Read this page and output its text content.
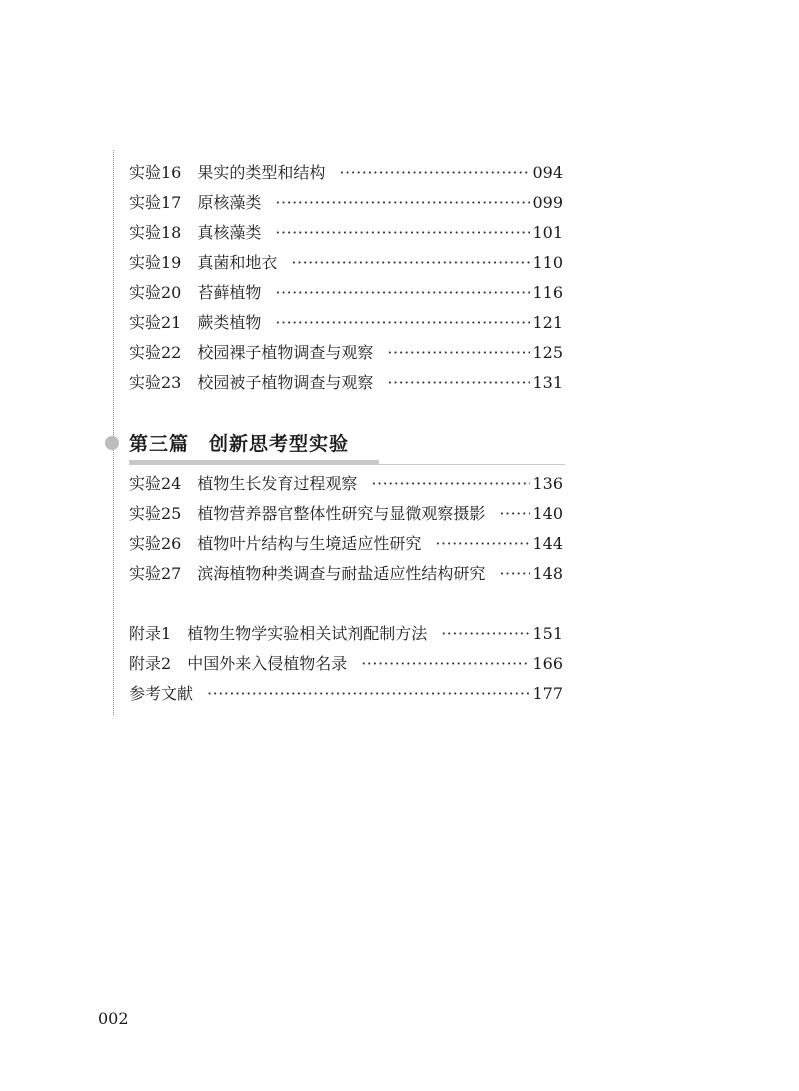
实验16 果实的类型和结构 ·····	094
实验17 原核藻类 ·····	099
实验18 真核藻类 ·····	101
实验19 真菌和地衣 ·····	110
实验20 苔藓植物 ·····	116
实验21 蕨类植物 ·····	121
实验22 校园裸子植物调查与观察 ·····	125
实验23 校园被子植物调查与观察 ·····	131
第三篇　创新思考型实验
实验24 植物生长发育过程观察 ·····	136
实验25 植物营养器官整体性研究与显微观察摄影 ·····	140
实验26 植物叶片结构与生境适应性研究 ·····	144
实验27 滨海植物种类调查与耐盐适应性结构研究 ·····	148
附录1 植物生物学实验相关试剂配制方法 ·····	151
附录2 中国外来入侵植物名录 ·····	166
参考文献 ·····	177
002
